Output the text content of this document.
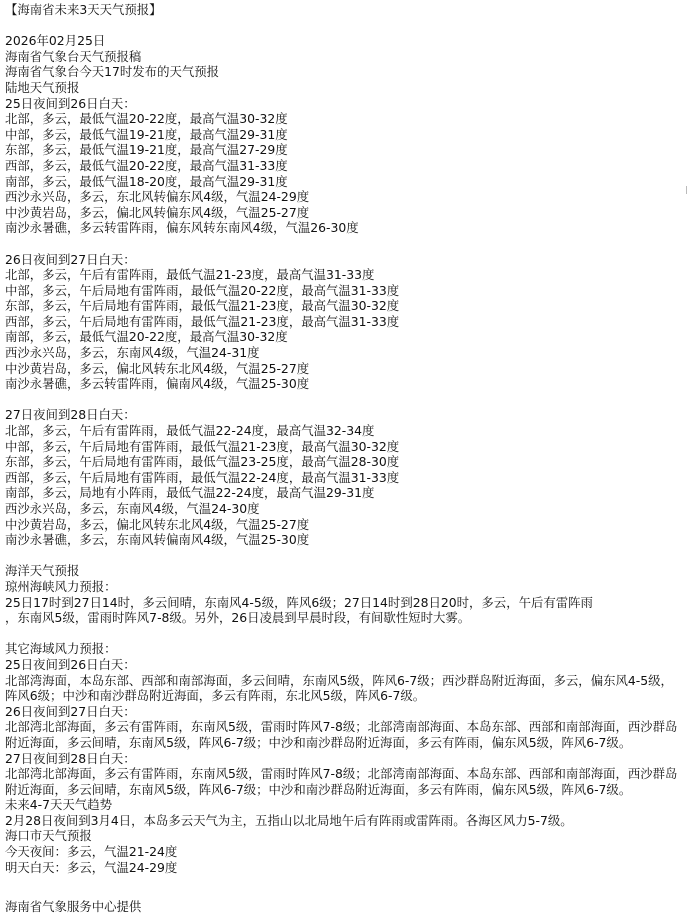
【海南省未来3天天气预报】
2026年02月25日
海南省气象台天气预报稿
海南省气象台今天17时发布的天气预报
陆地天气预报
25日夜间到26日白天：
北部，多云，最低气温20-22度，最高气温30-32度
中部，多云，最低气温19-21度，最高气温29-31度
东部，多云，最低气温19-21度，最高气温27-29度
西部，多云，最低气温20-22度，最高气温31-33度
南部，多云，最低气温18-20度，最高气温29-31度
西沙永兴岛，多云，东北风转偏东风4级，气温24-29度
中沙黄岩岛，多云，偏北风转偏东风4级，气温25-27度
南沙永暑礁，多云转雷阵雨，偏东风转东南风4级，气温26-30度
26日夜间到27日白天：
北部，多云，午后有雷阵雨，最低气温21-23度，最高气温31-33度
中部，多云，午后局地有雷阵雨，最低气温20-22度，最高气温31-33度
东部，多云，午后局地有雷阵雨，最低气温21-23度，最高气温30-32度
西部，多云，午后局地有雷阵雨，最低气温21-23度，最高气温31-33度
南部，多云，最低气温20-22度，最高气温30-32度
西沙永兴岛，多云，东南风4级，气温24-31度
中沙黄岩岛，多云，偏北风转东北风4级，气温25-27度
南沙永暑礁，多云转雷阵雨，偏南风4级，气温25-30度
27日夜间到28日白天：
北部，多云，午后有雷阵雨，最低气温22-24度，最高气温32-34度
中部，多云，午后局地有雷阵雨，最低气温21-23度，最高气温30-32度
东部，多云，午后局地有雷阵雨，最低气温23-25度，最高气温28-30度
西部，多云，午后局地有雷阵雨，最低气温22-24度，最高气温31-33度
南部，多云，局地有小阵雨，最低气温22-24度，最高气温29-31度
西沙永兴岛，多云，东南风4级，气温24-30度
中沙黄岩岛，多云，偏北风转东北风4级，气温25-27度
南沙永暑礁，多云，东南风转偏南风4级，气温25-30度
海洋天气预报
琼州海峡风力预报：
25日17时到27日14时，多云间晴，东南风4-5级，阵风6级；27日14时到28日20时，多云，午后有雷阵雨
，东南风5级，雷雨时阵风7-8级。另外，26日凌晨到早晨时段，有间歇性短时大雾。
其它海域风力预报：
25日夜间到26日白天：
北部湾海面，本岛东部、西部和南部海面，多云间晴，东南风5级，阵风6-7级；西沙群岛附近海面，多云，偏东风4-5级，阵风6级；中沙和南沙群岛附近海面，多云有阵雨，东北风5级，阵风6-7级。
26日夜间到27日白天：
北部湾北部海面，多云有雷阵雨，东南风5级，雷雨时阵风7-8级；北部湾南部海面、本岛东部、西部和南部海面，西沙群岛附近海面，多云间晴，东南风5级，阵风6-7级；中沙和南沙群岛附近海面，多云有阵雨，偏东风5级，阵风6-7级。
27日夜间到28日白天：
北部湾北部海面，多云有雷阵雨，东南风5级，雷雨时阵风7-8级；北部湾南部海面、本岛东部、西部和南部海面，西沙群岛附近海面，多云间晴，东南风5级，阵风6-7级；中沙和南沙群岛附近海面，多云有阵雨，偏东风5级，阵风6-7级。
未来4-7天天气趋势
2月28日夜间到3月4日，本岛多云天气为主，五指山以北局地午后有阵雨或雷阵雨。各海区风力5-7级。
海口市天气预报
今天夜间：多云，气温21-24度
明天白天：多云，气温24-29度
海南省气象服务中心提供
